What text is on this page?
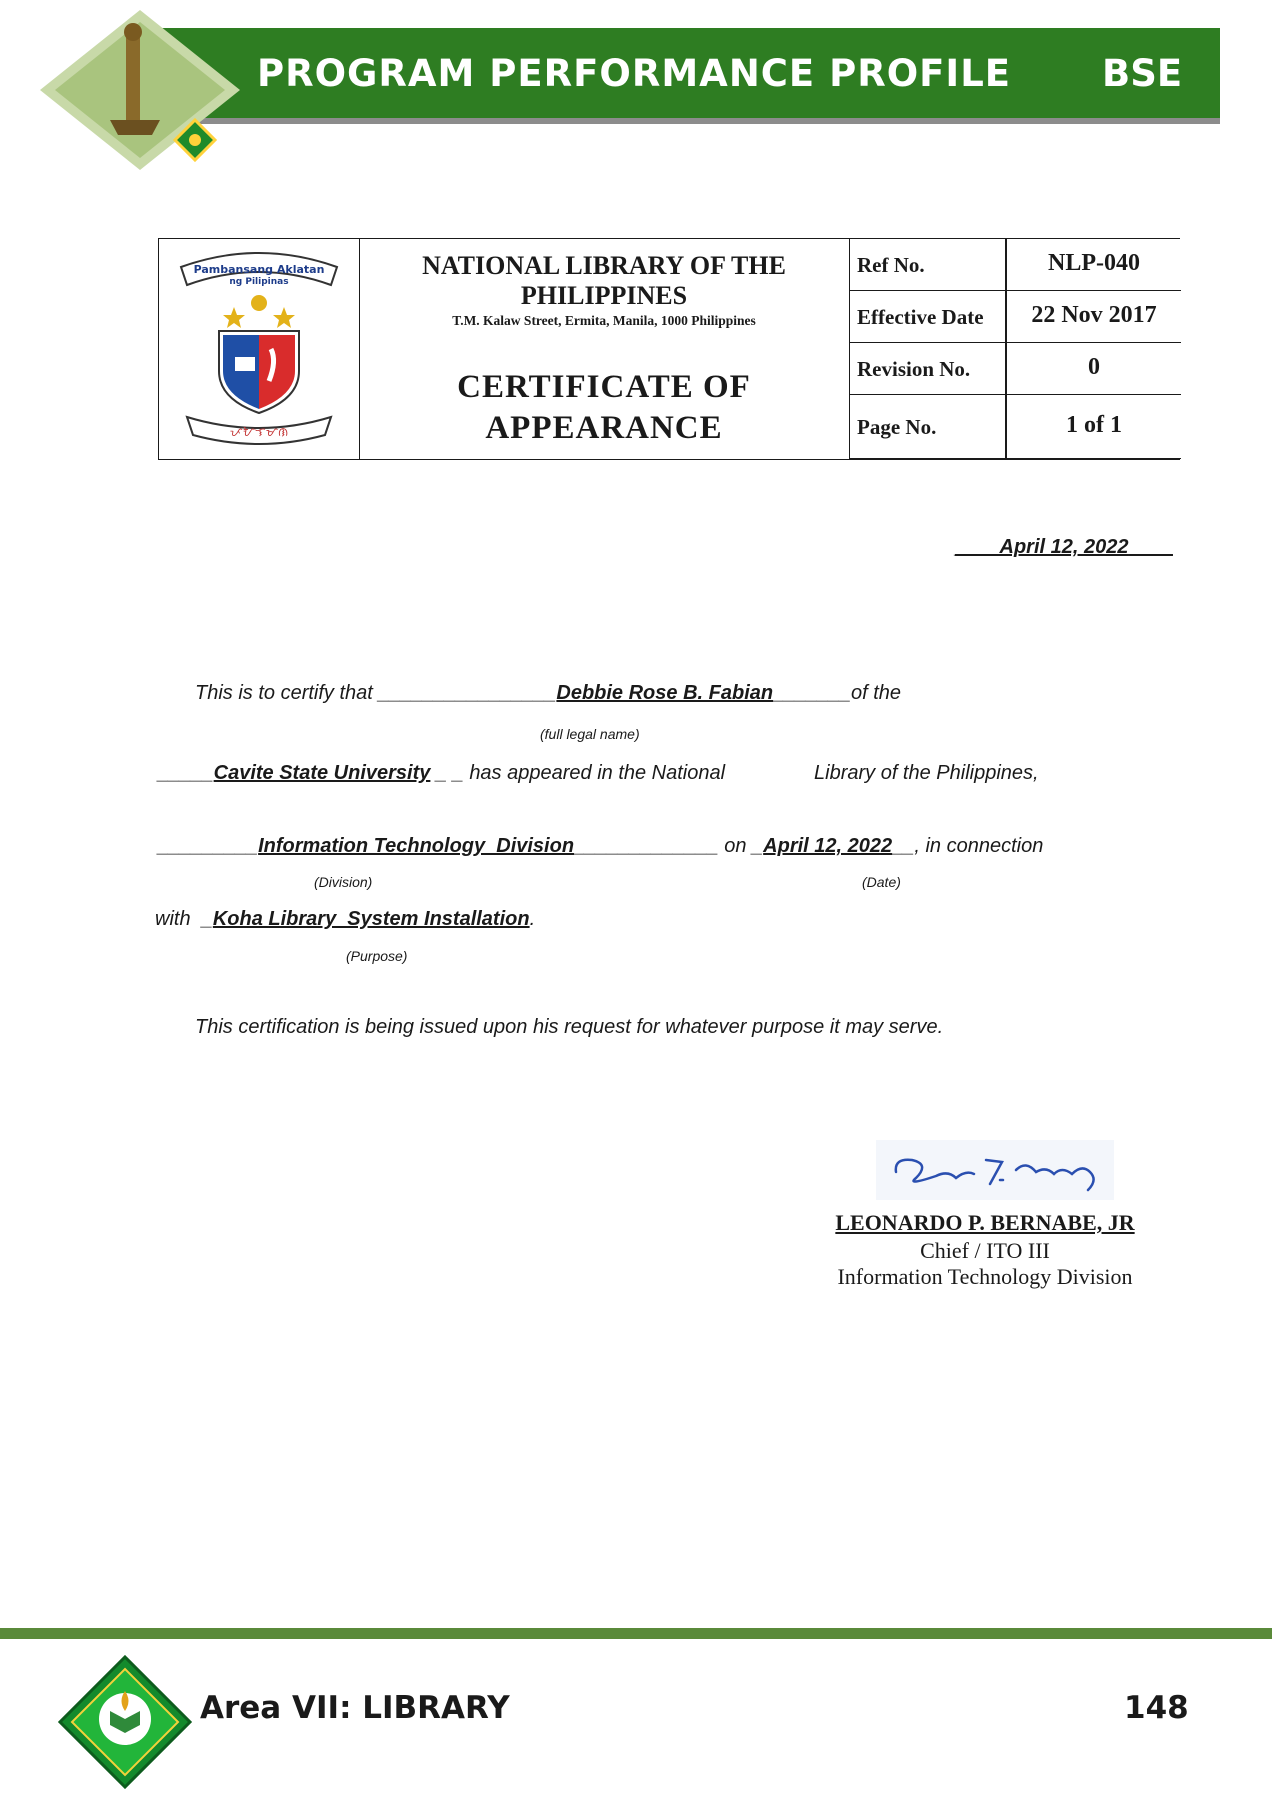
PROGRAM PERFORMANCE PROFILE BSE
Pambansang Aklatan
ng Pilipinas
ᜉᜀᜎᜋᜈ
NATIONAL LIBRARY OF THE
PHILIPPINES
T.M. Kalaw Street, Ermita, Manila, 1000 Philippines
CERTIFICATE OF
APPEARANCE
Ref No.	NLP-040
Effective Date	22 Nov 2017
Revision No.	0
Page No.	1 of 1
____April 12, 2022____
This is to certify that ________________Debbie Rose B. Fabian_______of the
(full legal name)
_____Cavite State University _ _ has appeared in the National	Library of the Philippines,
_________Information Technology  Division_____________ on _April 12, 2022__, in connection
(Division)	(Date)
with _Koha Library  System Installation.
(Purpose)
This certification is being issued upon his request for whatever purpose it may serve.
LEONARDO P. BERNABE, JR
Chief / ITO III
Information Technology Division
Area VII: LIBRARY	148
